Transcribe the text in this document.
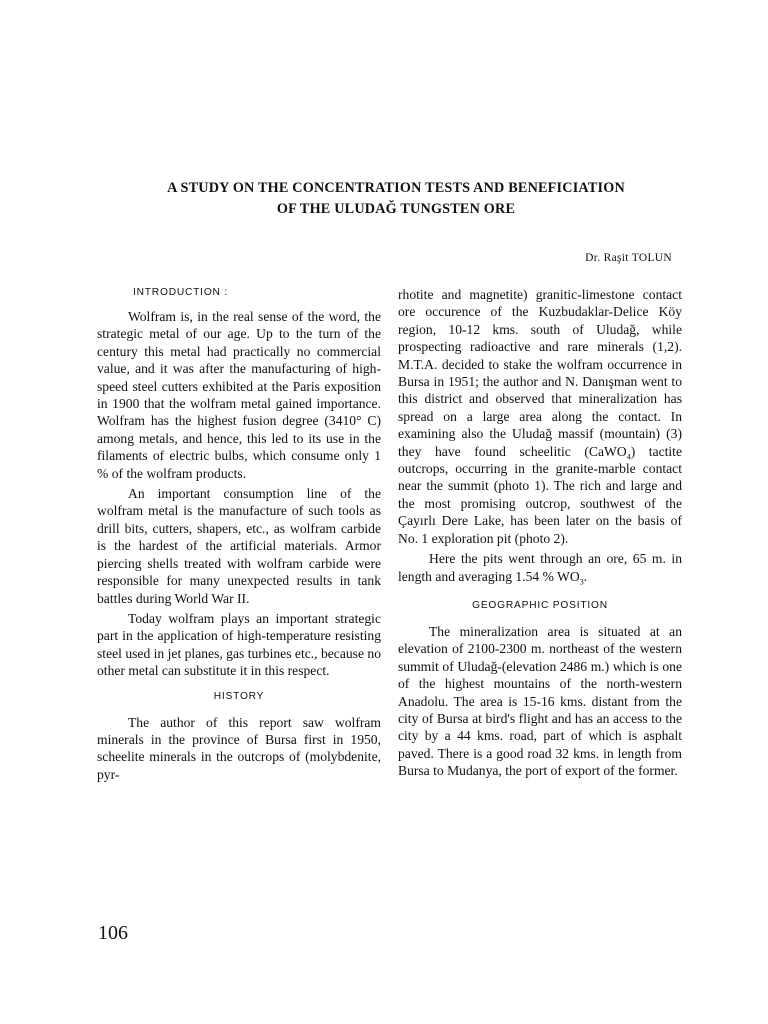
A STUDY ON THE CONCENTRATION TESTS AND BENEFICIATION
OF THE ULUDAĞ TUNGSTEN ORE
Dr. Raşit TOLUN
INTRODUCTION :

Wolfram is, in the real sense of the word, the strategic metal of our age. Up to the turn of the century this metal had practically no commercial value, and it was after the manufacturing of high-speed steel cutters exhibited at the Paris exposition in 1900 that the wolfram metal gained importance. Wolfram has the highest fusion degree (3410° C) among metals, and hence, this led to its use in the filaments of electric bulbs, which consume only 1 % of the wolfram products.

An important consumption line of the wolfram metal is the manufacture of such tools as drill bits, cutters, shapers, etc., as wolfram carbide is the hardest of the artificial materials. Armor piercing shells treated with wolfram carbide were responsible for many unexpected results in tank battles during World War II.

Today wolfram plays an important strategic part in the application of high-temperature resisting steel used in jet planes, gas turbines etc., because no other metal can substitute it in this respect.

HISTORY

The author of this report saw wolfram minerals in the province of Bursa first in 1950, scheelite minerals in the outcrops of (molybdenite, pyr-

rhotite and magnetite) granitic-limestone contact ore occurence of the Kuzbudaklar-Delice Köy region, 10-12 kms. south of Uludağ, while prospecting radioactive and rare minerals (1,2). M.T.A. decided to stake the wolfram occurrence in Bursa in 1951; the author and N. Danışman went to this district and observed that mineralization has spread on a large area along the contact. In examining also the Uludağ massif (mountain) (3) they have found scheelitic (CaWO$_4$) tactite outcrops, occurring in the granite-marble contact near the summit (photo 1). The rich and large and the most promising outcrop, southwest of the Çayırlı Dere Lake, has been later on the basis of No. 1 exploration pit (photo 2).

Here the pits went through an ore, 65 m. in length and averaging 1.54 % $WO_3$.

GEOGRAPHIC POSITION

The mineralization area is situated at an elevation of 2100-2300 m. northeast of the western summit of Uludağ-(elevation 2486 m.) which is one of the highest mountains of the north-western Anadolu. The area is 15-16 kms. distant from the city of Bursa at bird's flight and has an access to the city by a 44 kms. road, part of which is asphalt paved. There is a good road 32 kms. in length from Bursa to Mudanya, the port of export of the former.

106
